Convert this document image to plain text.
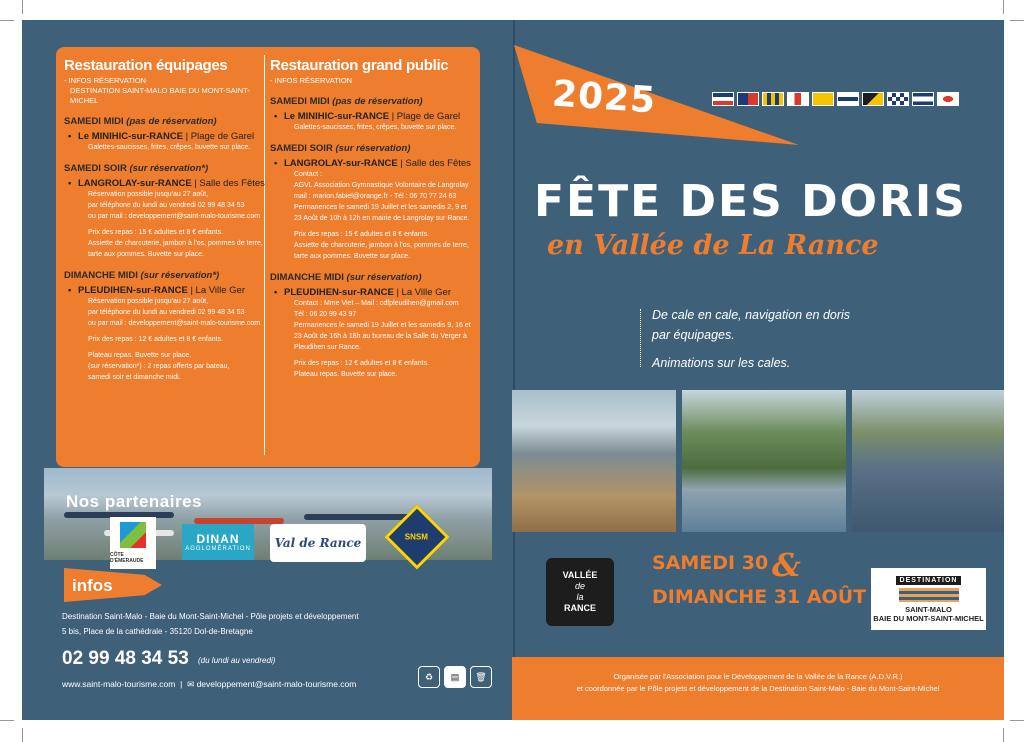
Restauration équipages
- INFOS RÉSERVATION
DESTINATION SAINT-MALO BAIE DU MONT-SAINT-MICHEL
SAMEDI MIDI (pas de réservation)
• Le MINIHIC-sur-RANCE | Plage de Garel
Galettes-saucisses, frites, crêpes, buvette sur place.
SAMEDI SOIR (sur réservation*)
• LANGROLAY-sur-RANCE | Salle des Fêtes
Réservation possible jusqu'au 27 août,
par téléphone du lundi au vendredi 02 99 48 34 53
ou par mail : developpement@saint-malo-tourisme.com
Prix des repas : 15 € adultes et 8 € enfants.
Assiette de charcuterie, jambon à l'os, pommes de terre,
tarte aux pommes. Buvette sur place.
DIMANCHE MIDI (sur réservation*)
• PLEUDIHEN-sur-RANCE | La Ville Ger
Réservation possible jusqu'au 27 août,
par téléphone du lundi au vendredi 02 99 48 34 53
ou par mail : developpement@saint-malo-tourisme.com
Prix des repas : 12 € adultes et 8 € enfants.
Plateau repas. Buvette sur place.
(sur réservation*) : 2 repas offerts par bateau,
samedi soir et dimanche midi.
Restauration grand public
- INFOS RÉSERVATION
SAMEDI MIDI (pas de réservation)
• Le MINIHIC-sur-RANCE | Plage de Garel
Galettes-saucisses, frites, crêpes, buvette sur place.
SAMEDI SOIR (sur réservation)
• LANGROLAY-sur-RANCE | Salle des Fêtes
Contact :
AGVL Association Gymnastique Volontaire de Langrolay
mail : marion.fabiel@orange.fr - Tél : 06 70 77 24 63
Permanences le samedi 19 Juillet et les samedis 2, 9 et
23 Août de 10h à 12h en mairie de Langrolay sur Rance.
Prix des repas : 15 € adultes et 8 € enfants.
Assiette de charcuterie, jambon à l'os, pommes de terre,
tarte aux pommes. Buvette sur place.
DIMANCHE MIDI (sur réservation)
• PLEUDIHEN-sur-RANCE | La Ville Ger
Contact : Mme Viet – Mail : cdfpleudihen@gmail.com
Tél : 06 20 99 43 97
Permanences le samedi 19 Juillet et les samedis 9, 16 et
23 Août de 16h à 18h au bureau de la Salle du Verger à
Pleudihen sur Rance.
Prix des repas : 12 € adultes et 8 € enfants.
Plateau repas. Buvette sur place.
Nos partenaires
CÔTE D'ÉMERAUDE
DINAN
AGGLOMÉRATION Val de Rance	SNSM
infos
Destination Saint-Malo - Baie du Mont-Saint-Michel - Pôle projets et développement
5 bis, Place de la cathédrale - 35120 Dol-de-Bretagne
02 99 48 34 53 (du lundi au vendredi)
www.saint-malo-tourisme.com  |  ✉ developpement@saint-malo-tourisme.com
♻	▤	🗑
2025
FÊTE DES DORIS
en Vallée de La Rance
De cale en cale, navigation en doris
par équipages.
Animations sur les cales.
VALLÉE
de
la
RANCE
SAMEDI 30 &
DIMANCHE 31 AOÛT
DESTINATION
SAINT-MALO
BAIE DU MONT-SAINT-MICHEL
Organisée par l'Association pour le Développement de la Vallée de la Rance (A.D.V.R.)
et coordonnée par le Pôle projets et développement de la Destination Saint-Malo - Baie du Mont-Saint-Michel
